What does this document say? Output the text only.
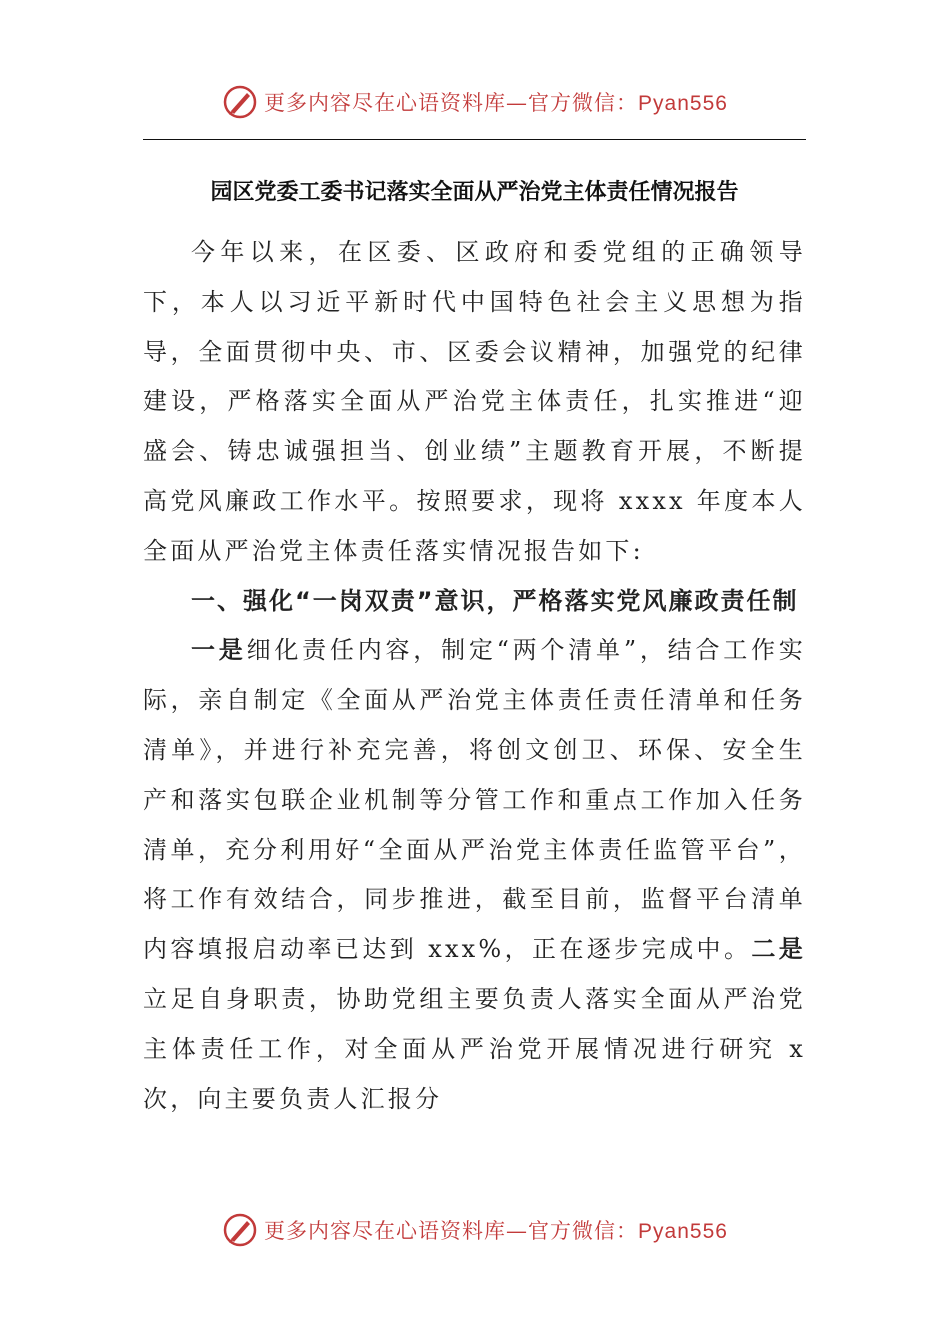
更多内容尽在心语资料库—官方微信：Pyan556
园区党委工委书记落实全面从严治党主体责任情况报告

今年以来，在区委、区政府和委党组的正确领导下，本人以习近平新时代中国特色社会主义思想为指导，全面贯彻中央、市、区委会议精神，加强党的纪律建设，严格落实全面从严治党主体责任，扎实推进“迎盛会、铸忠诚强担当、创业绩”主题教育开展，不断提高党风廉政工作水平。按照要求，现将 xxxx 年度本人全面从严治党主体责任落实情况报告如下:

一、强化“一岗双责”意识，严格落实党风廉政责任制

一是细化责任内容，制定“两个清单”，结合工作实际，亲自制定《全面从严治党主体责任责任清单和任务清单》，并进行补充完善，将创文创卫、环保、安全生产和落实包联企业机制等分管工作和重点工作加入任务清单，充分利用好“全面从严治党主体责任监管平台”，将工作有效结合，同步推进，截至目前，监督平台清单内容填报启动率已达到 xxx%，正在逐步完成中。二是立足自身职责，协助党组主要负责人落实全面从严治党主体责任工作，对全面从严治党开展情况进行研究 x 次，向主要负责人汇报分

更多内容尽在心语资料库—官方微信：Pyan556
